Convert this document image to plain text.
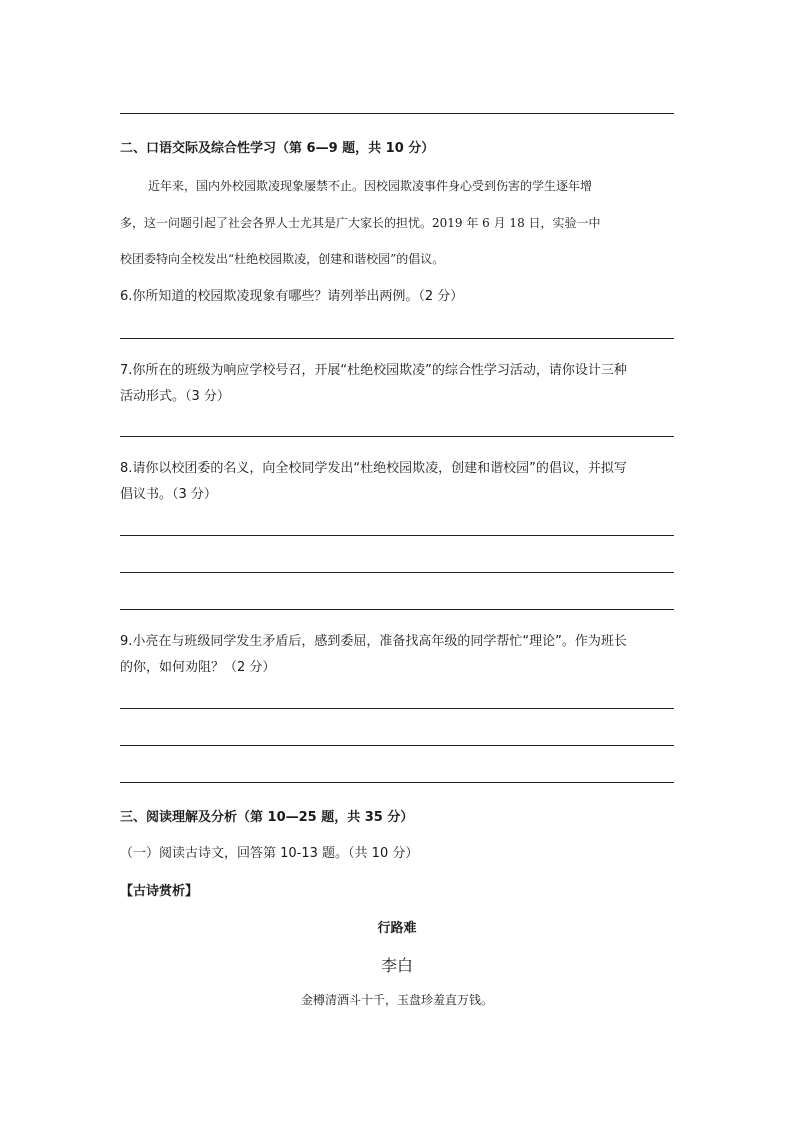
二、口语交际及综合性学习（第 6—9 题，共 10 分）
近年来，国内外校园欺凌现象屡禁不止。因校园欺凌事件身心受到伤害的学生逐年增
多，这一问题引起了社会各界人士尤其是广大家长的担忧。2019 年 6 月 18 日，实验一中
校团委特向全校发出“杜绝校园欺凌，创建和谐校园”的倡议。
6.你所知道的校园欺凌现象有哪些？请列举出两例。（2 分）
7.你所在的班级为响应学校号召，开展“杜绝校园欺凌”的综合性学习活动，请你设计三种
活动形式。（3 分）
8.请你以校团委的名义，向全校同学发出“杜绝校园欺凌，创建和谐校园”的倡议，并拟写
倡议书。（3 分）
9.小亮在与班级同学发生矛盾后，感到委屈，准备找高年级的同学帮忙“理论”。作为班长
的你，如何劝阻？（2 分）
三、阅读理解及分析（第 10—25 题，共 35 分）
（一）阅读古诗文，回答第 10-13 题。（共 10 分）
【古诗赏析】
行路难
李白
金樽清酒斗十千，玉盘珍羞直万钱。
